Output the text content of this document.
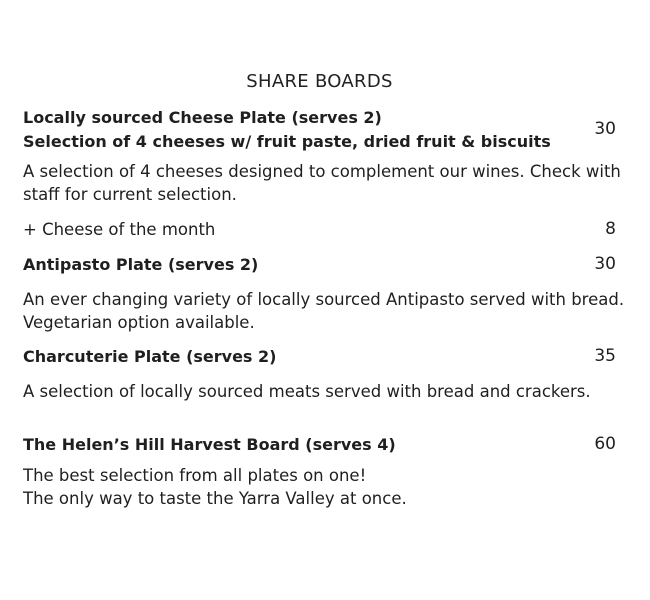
SHARE BOARDS
Locally sourced Cheese Plate (serves 2)
Selection of 4 cheeses w/ fruit paste, dried fruit & biscuits
30
A selection of 4 cheeses designed to complement our wines. Check with
staff for current selection.
+ Cheese of the month	8
Antipasto Plate (serves 2)	30
An ever changing variety of locally sourced Antipasto served with bread.
Vegetarian option available.
Charcuterie Plate (serves 2)	35
A selection of locally sourced meats served with bread and crackers.
The Helen’s Hill Harvest Board (serves 4)	60
The best selection from all plates on one!
The only way to taste the Yarra Valley at once.
